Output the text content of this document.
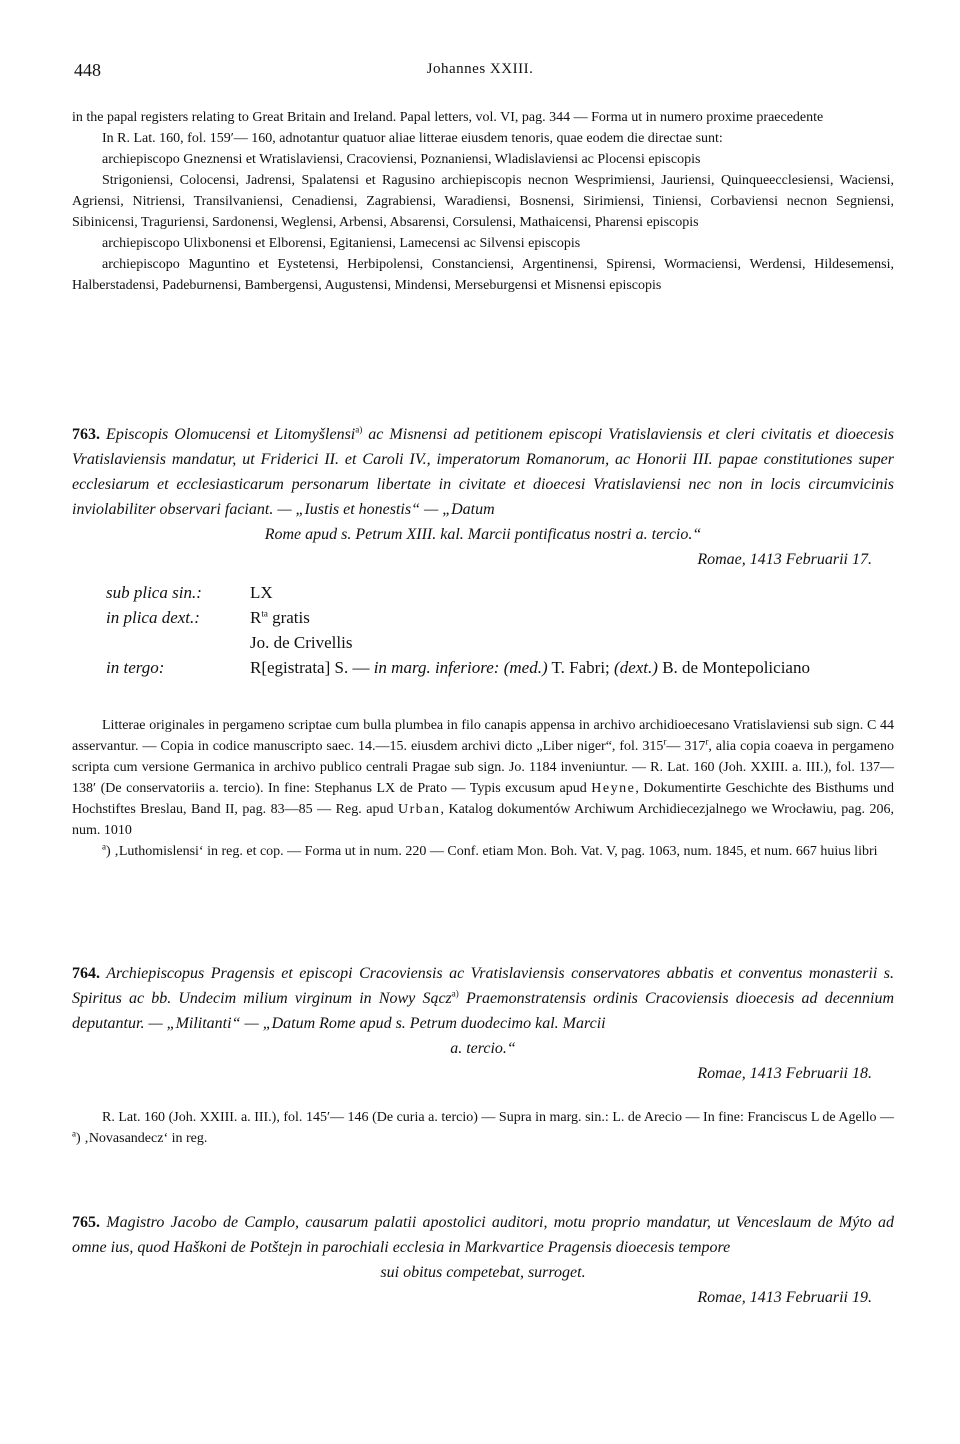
448	Johannes XXIII.

in the papal registers relating to Great Britain and Ireland. Papal letters, vol. VI, pag. 344 — Forma ut in numero proxime praecedente

In R. Lat. 160, fol. 159′— 160, adnotantur quatuor aliae litterae eiusdem tenoris, quae eodem die directae sunt:

archiepiscopo Gneznensi et Wratislaviensi, Cracoviensi, Poznaniensi, Wladislaviensi ac Plocensi episcopis

Strigoniensi, Colocensi, Jadrensi, Spalatensi et Ragusino archiepiscopis necnon Wesprimiensi, Jauriensi, Quinqueecclesiensi, Waciensi, Agriensi, Nitriensi, Transilvaniensi, Cenadiensi, Zagrabiensi, Waradiensi, Bosnensi, Sirimiensi, Tiniensi, Corbaviensi necnon Segniensi, Sibinicensi, Traguriensi, Sardonensi, Weglensi, Arbensi, Absarensi, Corsulensi, Mathaicensi, Pharensi episcopis

archiepiscopo Ulixbonensi et Elborensi, Egitaniensi, Lamecensi ac Silvensi episcopis

archiepiscopo Maguntino et Eystetensi, Herbipolensi, Constanciensi, Argentinensi, Spirensi, Wormaciensi, Werdensi, Hildesemensi, Halberstadensi, Padeburnensi, Bambergensi, Augustensi, Mindensi, Merseburgensi et Misnensi episcopis

763. Episcopis Olomucensi et Litomyšlensi$^{a)}$ ac Misnensi ad petitionem episcopi Vratislaviensis et cleri civitatis et dioecesis Vratislaviensis mandatur, ut Friderici II. et Caroli IV., imperatorum Romanorum, ac Honorii III. papae constitutiones super ecclesiarum et ecclesiasticarum personarum libertate in civitate et dioecesi Vratislaviensi nec non in locis circumvicinis inviolabiliter observari faciant. — „Iustis et honestis“ — „Datum

Rome apud s. Petrum XIII. kal. Marcii pontificatus nostri a. tercio.“

Romae, 1413 Februarii 17.

sub plica sin.:	LX
in plica dext.:	$R^{ta}$ gratis
Jo. de Crivellis
in tergo:	R[egistrata] S. — in marg. inferiore: (med.) T. Fabri; (dext.) B. de Montepoliciano

Litterae originales in pergameno scriptae cum bulla plumbea in filo canapis appensa in archivo archidioecesano Vratislaviensi sub sign. C 44 asservantur. — Copia in codice manuscripto saec. 14.—15. eiusdem archivi dicto „Liber niger“, fol. 315$^r$— 317$^r$, alia copia coaeva in pergameno scripta cum versione Germanica in archivo publico centrali Pragae sub sign. Jo. 1184 inveniuntur. — R. Lat. 160 (Joh. XXIII. a. III.), fol. 137—138′ (De conservatoriis a. tercio). In fine: Stephanus LX de Prato — Typis excusum apud Heyne, Dokumentirte Geschichte des Bisthums und Hochstiftes Breslau, Band II, pag. 83—85 — Reg. apud Urban, Katalog dokumentów Archiwum Archidiecezjalnego we Wrocławiu, pag. 206, num. 1010

$^a$) ‚Luthomislensi‘ in reg. et cop. — Forma ut in num. 220 — Conf. etiam Mon. Boh. Vat. V, pag. 1063, num. 1845, et num. 667 huius libri

764. Archiepiscopus Pragensis et episcopi Cracoviensis ac Vratislaviensis conservatores abbatis et conventus monasterii s. Spiritus ac bb. Undecim milium virginum in Nowy Sącz$^{a)}$ Praemonstratensis ordinis Cracoviensis dioecesis ad decennium deputantur. — „Militanti“ — „Datum Rome apud s. Petrum duodecimo kal. Marcii

a. tercio.“

Romae, 1413 Februarii 18.

R. Lat. 160 (Joh. XXIII. a. III.), fol. 145′— 146 (De curia a. tercio) — Supra in marg. sin.: L. de Arecio — In fine: Franciscus L de Agello — $^a$) ‚Novasandecz‘ in reg.

765. Magistro Jacobo de Camplo, causarum palatii apostolici auditori, motu proprio mandatur, ut Venceslaum de Mýto ad omne ius, quod Haškoni de Potštejn in parochiali ecclesia in Markvartice Pragensis dioecesis tempore

sui obitus competebat, surroget.

Romae, 1413 Februarii 19.
